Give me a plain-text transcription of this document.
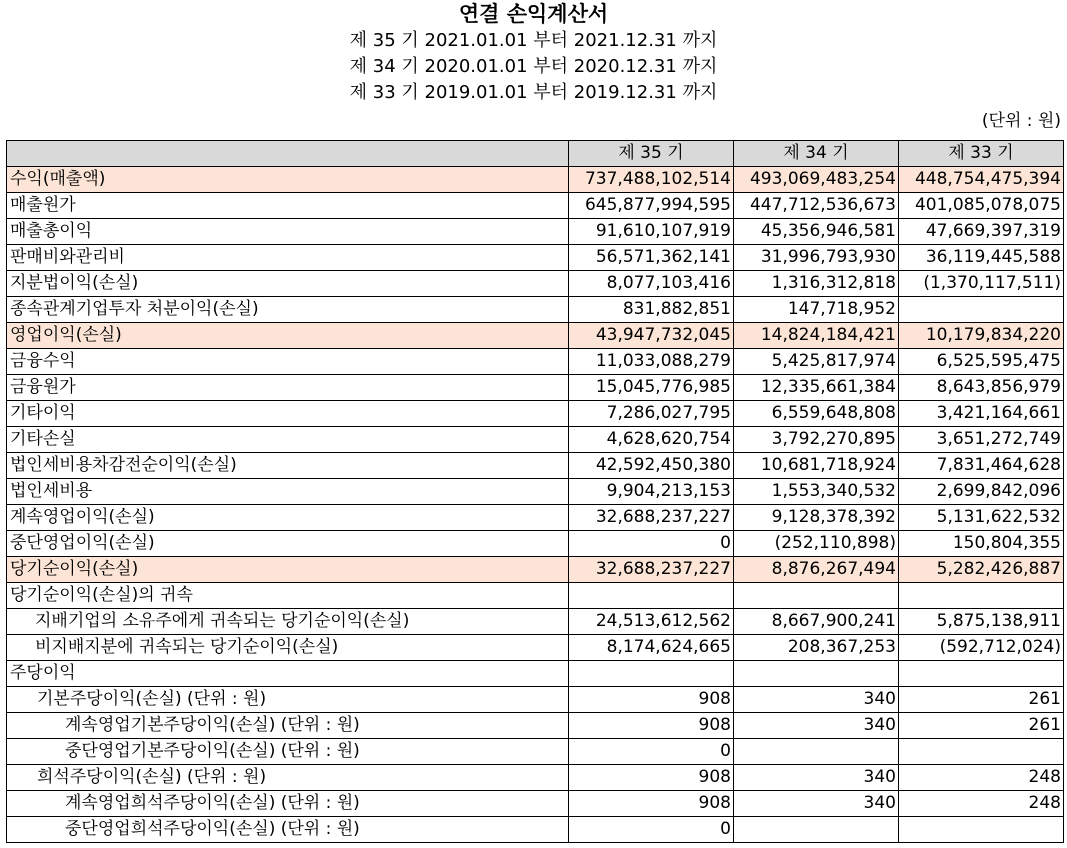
연결 손익계산서
제 35 기 2021.01.01 부터 2021.12.31 까지
제 34 기 2020.01.01 부터 2020.12.31 까지
제 33 기 2019.01.01 부터 2019.12.31 까지
(단위 : 원)
	제 35 기	제 34 기	제 33 기
수익(매출액)	737,488,102,514	493,069,483,254	448,754,475,394
매출원가	645,877,994,595	447,712,536,673	401,085,078,075
매출총이익	91,610,107,919	45,356,946,581	47,669,397,319
판매비와관리비	56,571,362,141	31,996,793,930	36,119,445,588
지분법이익(손실)	8,077,103,416	1,316,312,818	(1,370,117,511)
종속관계기업투자 처분이익(손실)	831,882,851	147,718,952	
영업이익(손실)	43,947,732,045	14,824,184,421	10,179,834,220
금융수익	11,033,088,279	5,425,817,974	6,525,595,475
금융원가	15,045,776,985	12,335,661,384	8,643,856,979
기타이익	7,286,027,795	6,559,648,808	3,421,164,661
기타손실	4,628,620,754	3,792,270,895	3,651,272,749
법인세비용차감전순이익(손실)	42,592,450,380	10,681,718,924	7,831,464,628
법인세비용	9,904,213,153	1,553,340,532	2,699,842,096
계속영업이익(손실)	32,688,237,227	9,128,378,392	5,131,622,532
중단영업이익(손실)	0	(252,110,898)	150,804,355
당기순이익(손실)	32,688,237,227	8,876,267,494	5,282,426,887
당기순이익(손실)의 귀속			
지배기업의 소유주에게 귀속되는 당기순이익(손실)	24,513,612,562	8,667,900,241	5,875,138,911
비지배지분에 귀속되는 당기순이익(손실)	8,174,624,665	208,367,253	(592,712,024)
주당이익			
기본주당이익(손실) (단위 : 원)	908	340	261
계속영업기본주당이익(손실) (단위 : 원)	908	340	261
중단영업기본주당이익(손실) (단위 : 원)	0		
희석주당이익(손실) (단위 : 원)	908	340	248
계속영업희석주당이익(손실) (단위 : 원)	908	340	248
중단영업희석주당이익(손실) (단위 : 원)	0		
